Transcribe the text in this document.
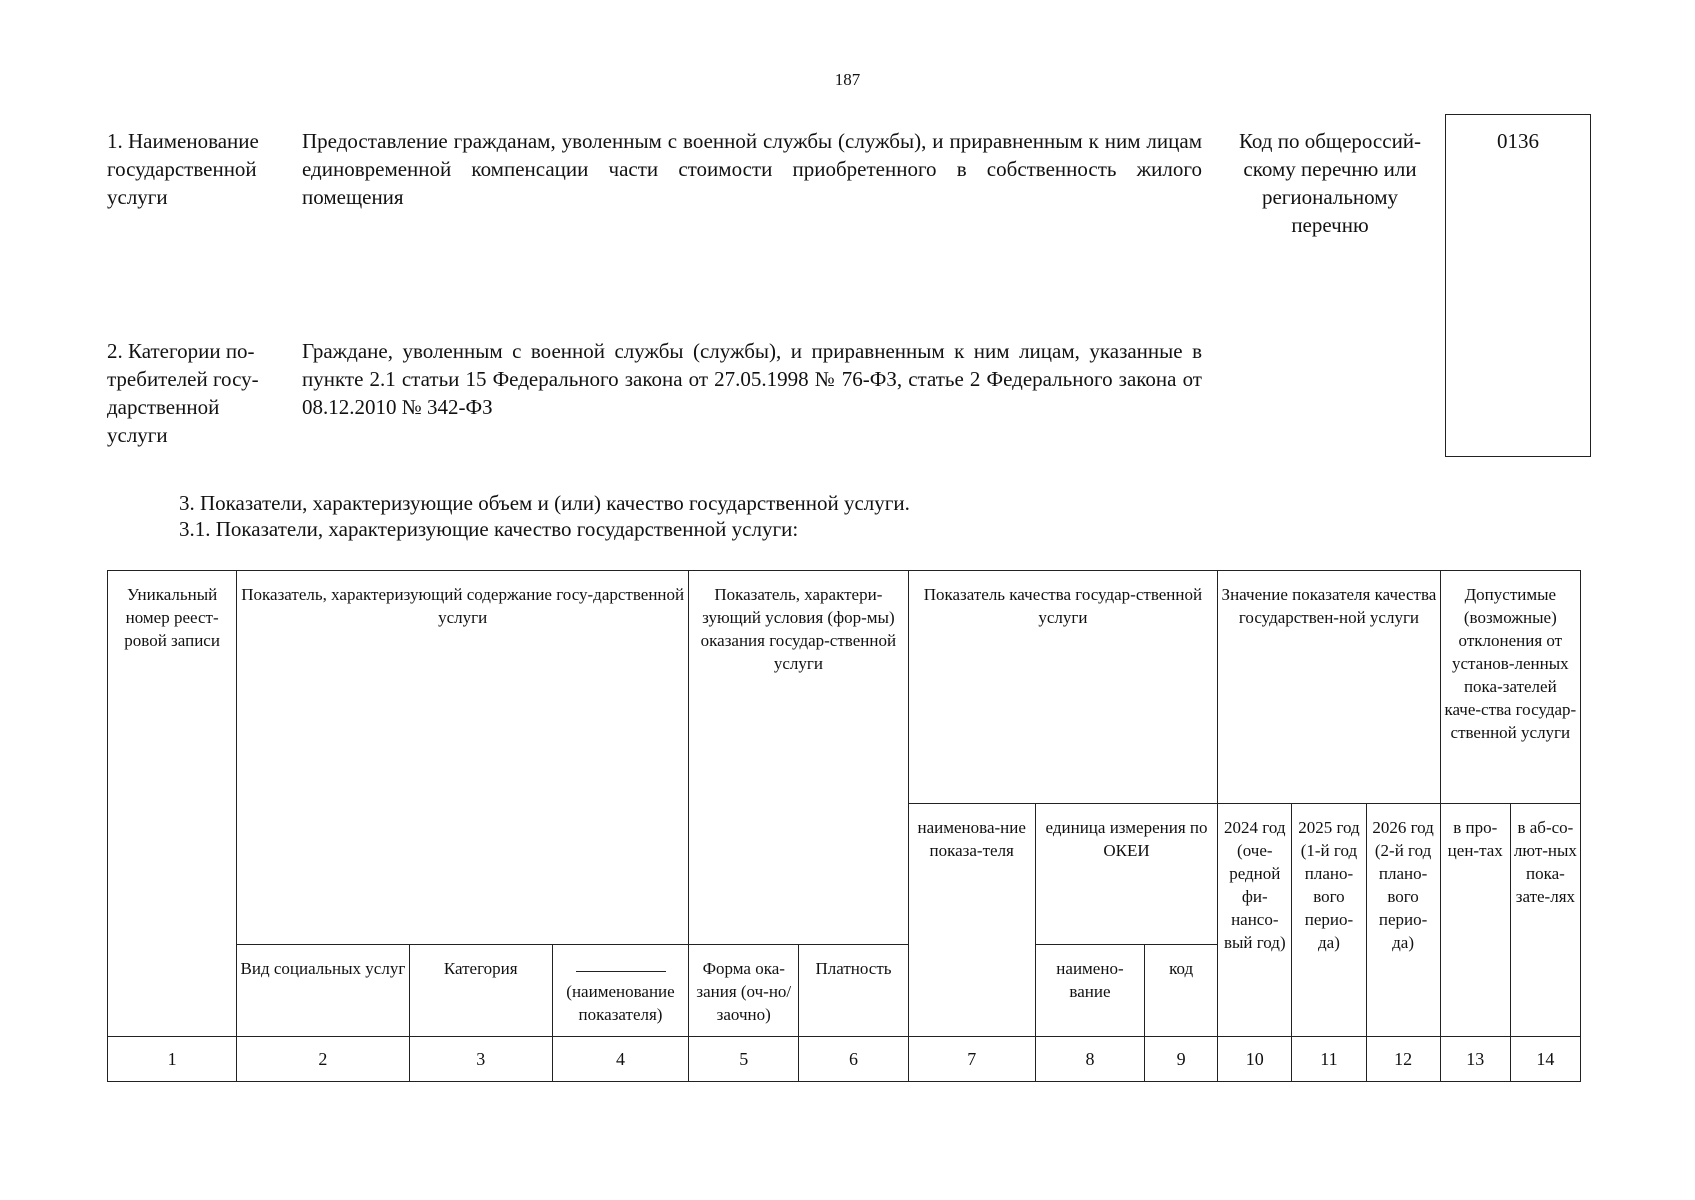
187
1. Наименование
государственной
услуги
Предоставление гражданам, уволенным с военной службы (службы), и приравненным к ним лицам единовременной компенсации части стоимости приобретенного в собственность жилого помещения
Код по общероссий-
скому перечню или
региональному
перечню
0136
2. Категории по-
требителей госу-
дарственной
услуги
Граждане, уволенным с военной службы (службы), и приравненным к ним лицам, указанные в пункте 2.1 статьи 15 Федерального закона от 27.05.1998 № 76-ФЗ, статье 2 Федерального закона от 08.12.2010 № 342-ФЗ
3. Показатели, характеризующие объем и (или) качество государственной услуги.
3.1. Показатели, характеризующие качество государственной услуги:
Уникальный номер реест-ровой записи	Показатель, характеризующий содержание госу-дарственной услуги			Показатель, характери-зующий условия (фор-мы) оказания государ-ственной услуги		Показатель качества государ-ственной услуги			Значение показателя качества государствен-ной услуги			Допустимые (возможные) отклонения от установ-ленных пока-зателей каче-ства государ-ственной услуги	
						наименова-ние показа-теля	единица измерения по ОКЕИ		2024 год (оче-редной фи-нансо-вый год)	2025 год (1-й год плано-вого перио-да)	2026 год (2-й год плано-вого перио-да)	в про-цен-тах	в аб-со-лют-ных пока-зате-лях
	Вид социальных услуг	Категория	(наименование показателя)	Форма ока-зания (оч-но/заочно)	Платность		наимено-вание	код					
1	2	3	4	5	6	7	8	9	10	11	12	13	14
